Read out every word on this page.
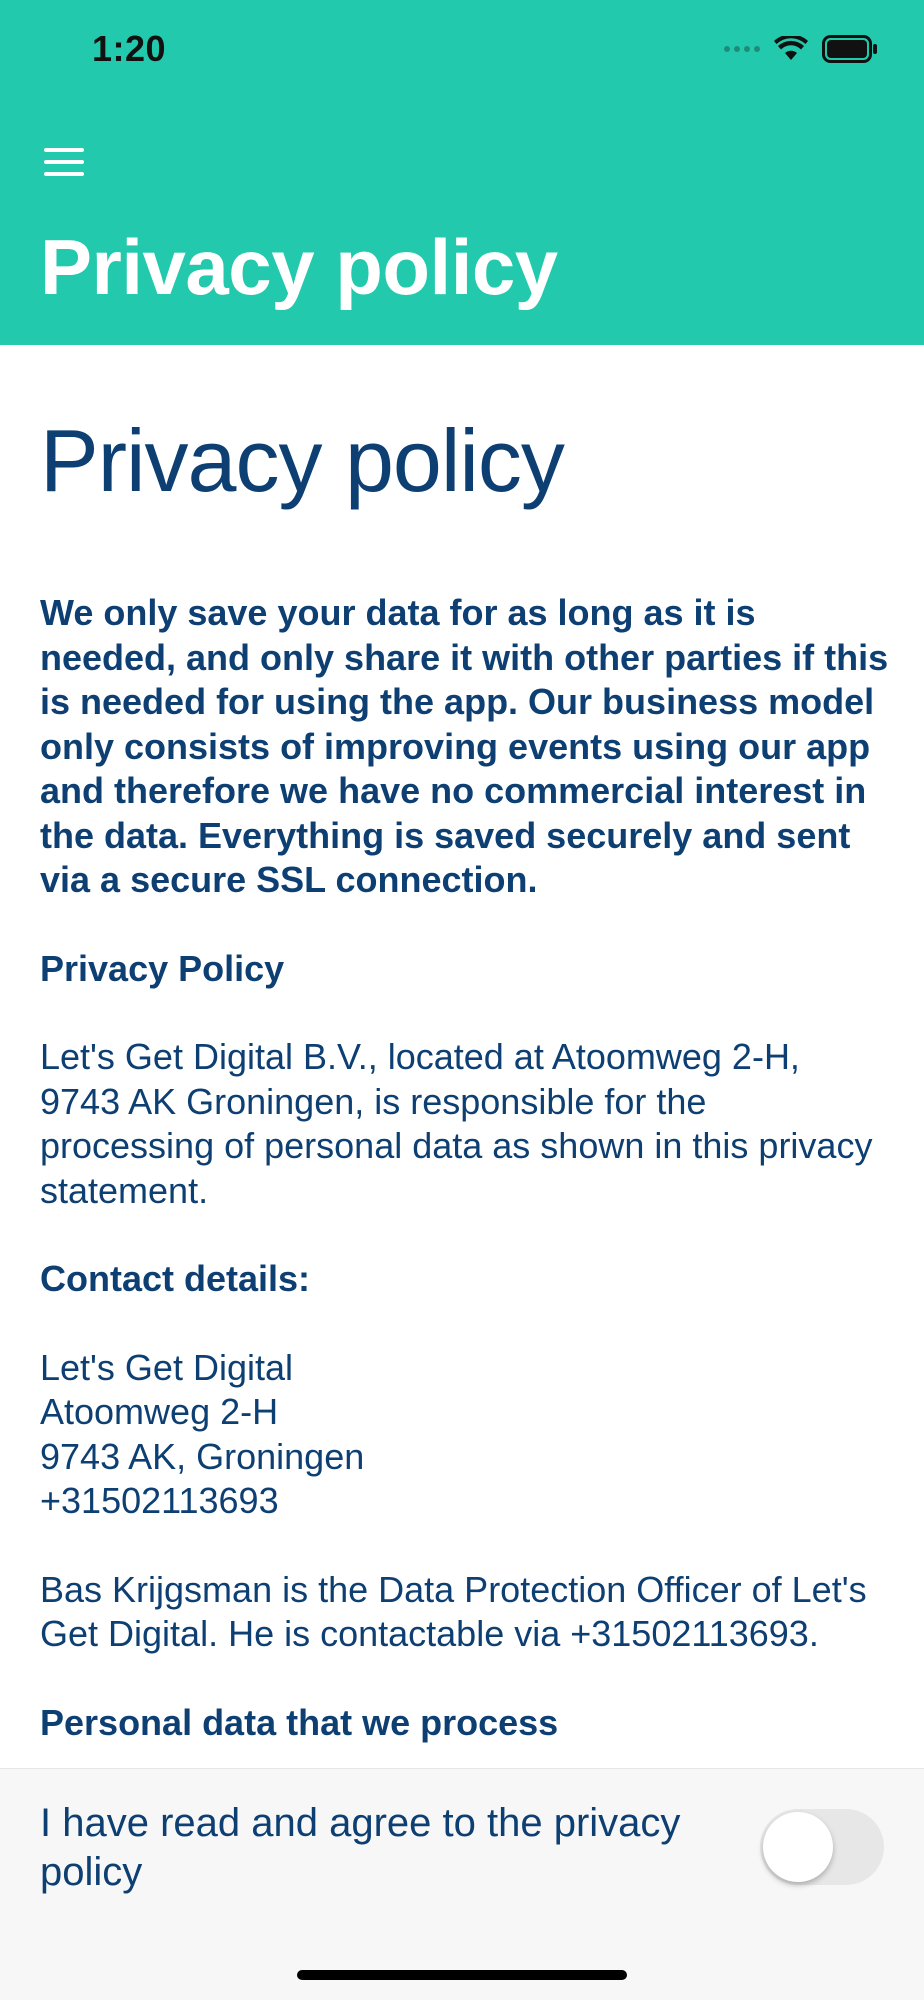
1:20
Privacy policy
Privacy policy
We only save your data for as long as it is needed, and only share it with other parties if this is needed for using the app. Our business model only consists of improving events using our app and therefore we have no commercial interest in the data. Everything is saved securely and sent via a secure SSL connection.
Privacy Policy
Let's Get Digital B.V., located at Atoomweg 2-H, 9743 AK Groningen, is responsible for the processing of personal data as shown in this privacy statement.
Contact details:
Let's Get Digital
Atoomweg 2-H
9743 AK, Groningen
+31502113693
Bas Krijgsman is the Data Protection Officer of Let's Get Digital. He is contactable via +31502113693.
Personal data that we process
I have read and agree to the privacy policy
